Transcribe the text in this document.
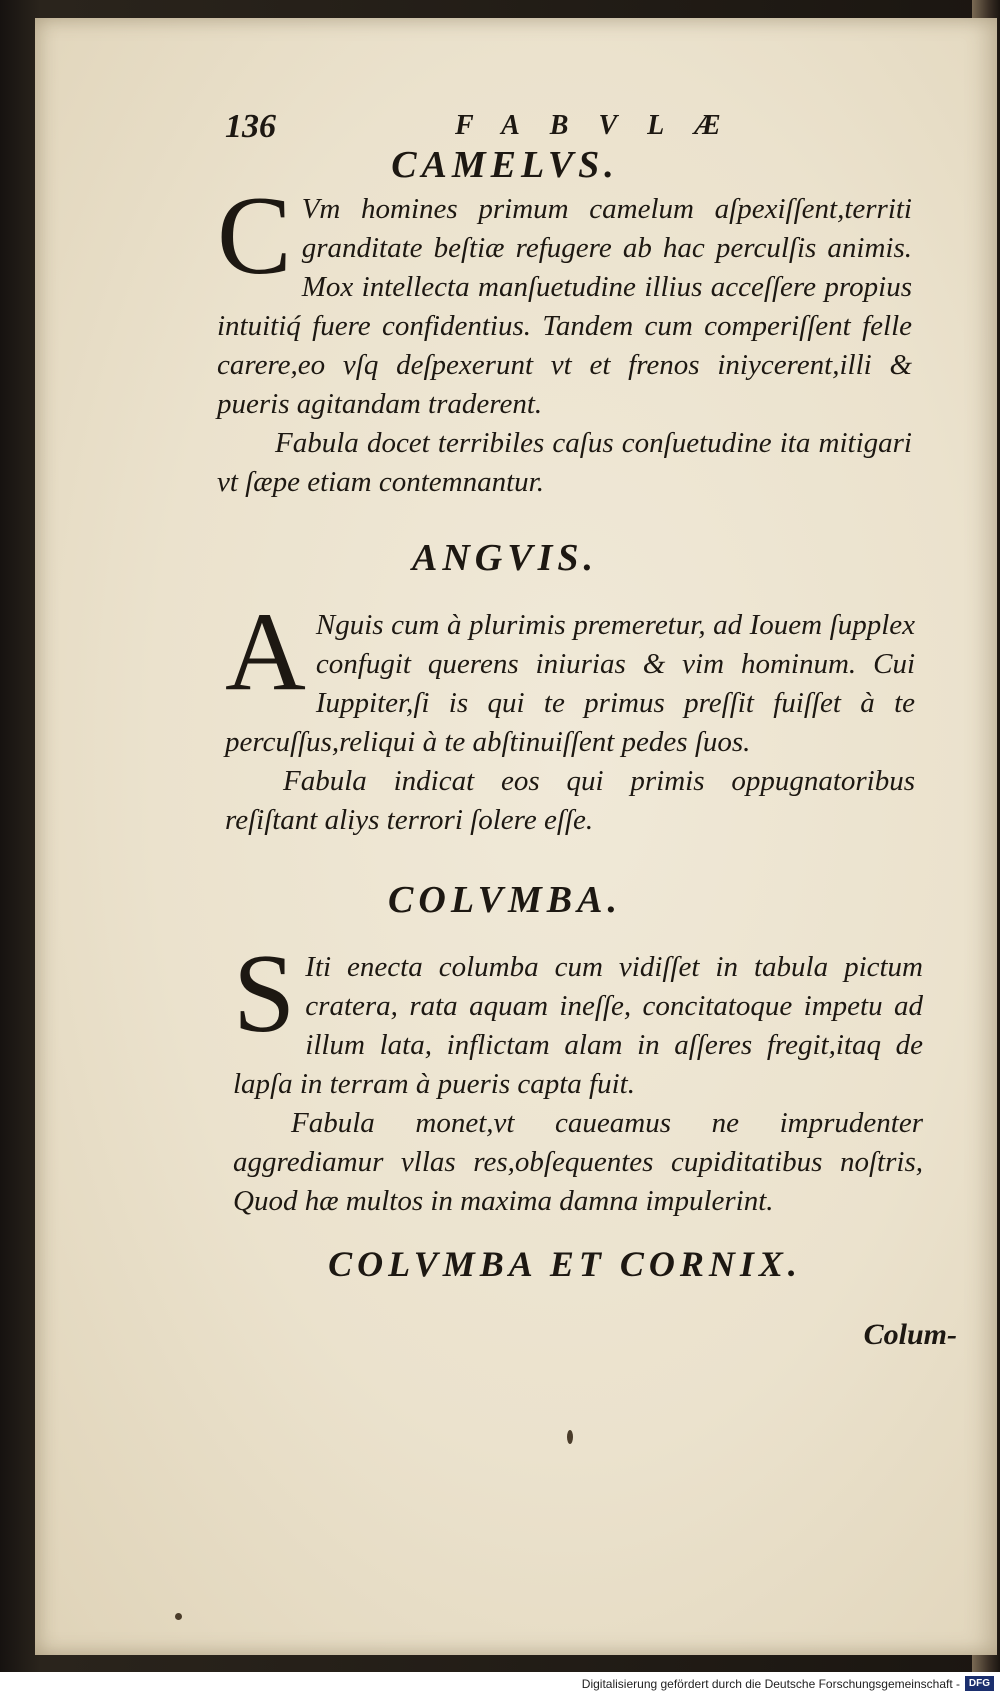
136	FABVLÆ
CAMELVS.
C Vm homines primum camelum aſpexiſſent,territi granditate beſtiæ refugere ab hac perculſis animis. Mox intellecta manſuetudine illius acceſſere propius intuitiq́ fuere confidentius. Tandem cum comperiſſent felle carere,eo vſq deſpexerunt vt et frenos iniycerent,illi & pueris agitandam traderent.

Fabula docet terribiles caſus conſuetudine ita mitigari vt ſæpe etiam contemnantur.

ANGVIS.
A Nguis cum à plurimis premeretur, ad Iouem ſupplex confugit querens iniurias & vim hominum. Cui Iuppiter,ſi is qui te primus preſſit fuiſſet à te percuſſus,reliqui à te abſtinuiſſent pedes ſuos.

Fabula indicat eos qui primis oppugnatoribus reſiſtant aliys terrori ſolere eſſe.

COLVMBA.
S Iti enecta columba cum vidiſſet in tabula pictum cratera, rata aquam ineſſe, concitatoque impetu ad illum lata, inflictam alam in aſſeres fregit,itaq de lapſa in terram à pueris capta fuit.

Fabula monet,vt caueamus ne imprudenter aggrediamur vllas res,obſequentes cupiditatibus noſtris, Quod hæ multos in maxima damna impulerint.

COLVMBA ET CORNIX.
Colum-
Digitalisierung gefördert durch die Deutsche Forschungsgemeinschaft - DFG
